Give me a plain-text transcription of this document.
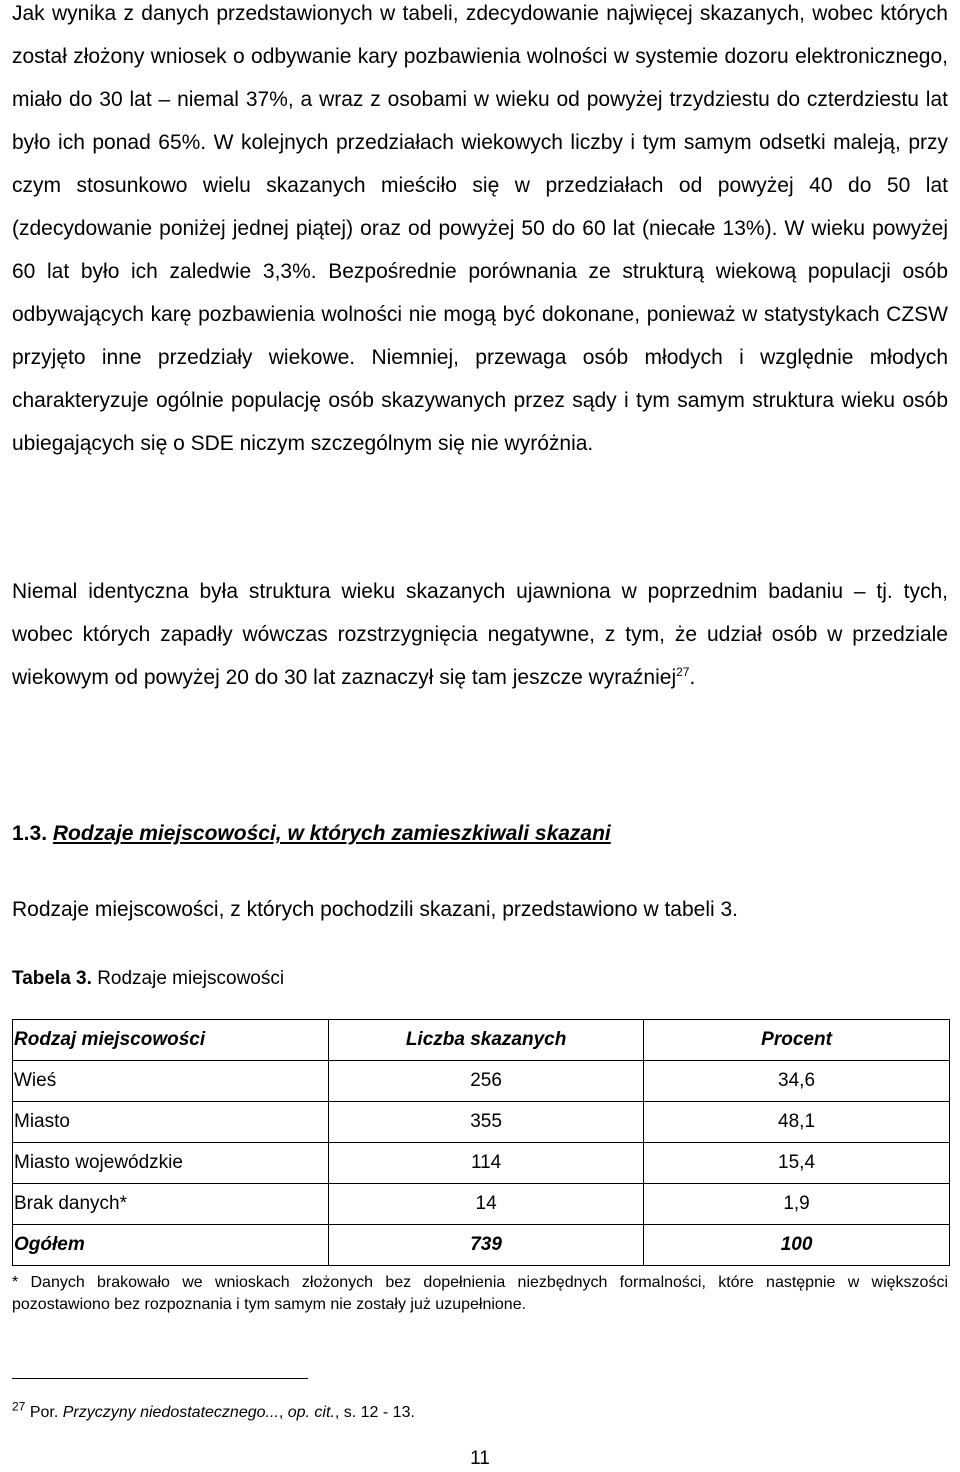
Jak wynika z danych przedstawionych w tabeli, zdecydowanie najwięcej skazanych, wobec których został złożony wniosek o odbywanie kary pozbawienia wolności w systemie dozoru elektronicznego, miało do 30 lat – niemal 37%, a wraz z osobami w wieku od powyżej trzydziestu do czterdziestu lat było ich ponad 65%. W kolejnych przedziałach wiekowych liczby i tym samym odsetki maleją, przy czym stosunkowo wielu skazanych mieściło się w przedziałach od powyżej 40 do 50 lat (zdecydowanie poniżej jednej piątej) oraz od powyżej 50 do 60 lat (niecałe 13%). W wieku powyżej 60 lat było ich zaledwie 3,3%. Bezpośrednie porównania ze strukturą wiekową populacji osób odbywających karę pozbawienia wolności nie mogą być dokonane, ponieważ w statystykach CZSW przyjęto inne przedziały wiekowe. Niemniej, przewaga osób młodych i względnie młodych charakteryzuje ogólnie populację osób skazywanych przez sądy i tym samym struktura wieku osób ubiegających się o SDE niczym szczególnym się nie wyróżnia.

Niemal identyczna była struktura wieku skazanych ujawniona w poprzednim badaniu – tj. tych, wobec których zapadły wówczas rozstrzygnięcia negatywne, z tym, że udział osób w przedziale wiekowym od powyżej 20 do 30 lat zaznaczył się tam jeszcze wyraźniej$^{27}$.

1.3. Rodzaje miejscowości, w których zamieszkiwali skazani

Rodzaje miejscowości, z których pochodzili skazani, przedstawiono w tabeli 3.

Tabela 3. Rodzaje miejscowości

Rodzaj miejscowości	Liczba skazanych	Procent
Wieś	256	34,6
Miasto	355	48,1
Miasto wojewódzkie	114	15,4
Brak danych*	14	1,9
Ogółem	739	100

* Danych brakowało we wnioskach złożonych bez dopełnienia niezbędnych formalności, które następnie w większości pozostawiono bez rozpoznania i tym samym nie zostały już uzupełnione.

$^{27}$ Por. Przyczyny niedostatecznego..., op. cit., s. 12 - 13.

11
